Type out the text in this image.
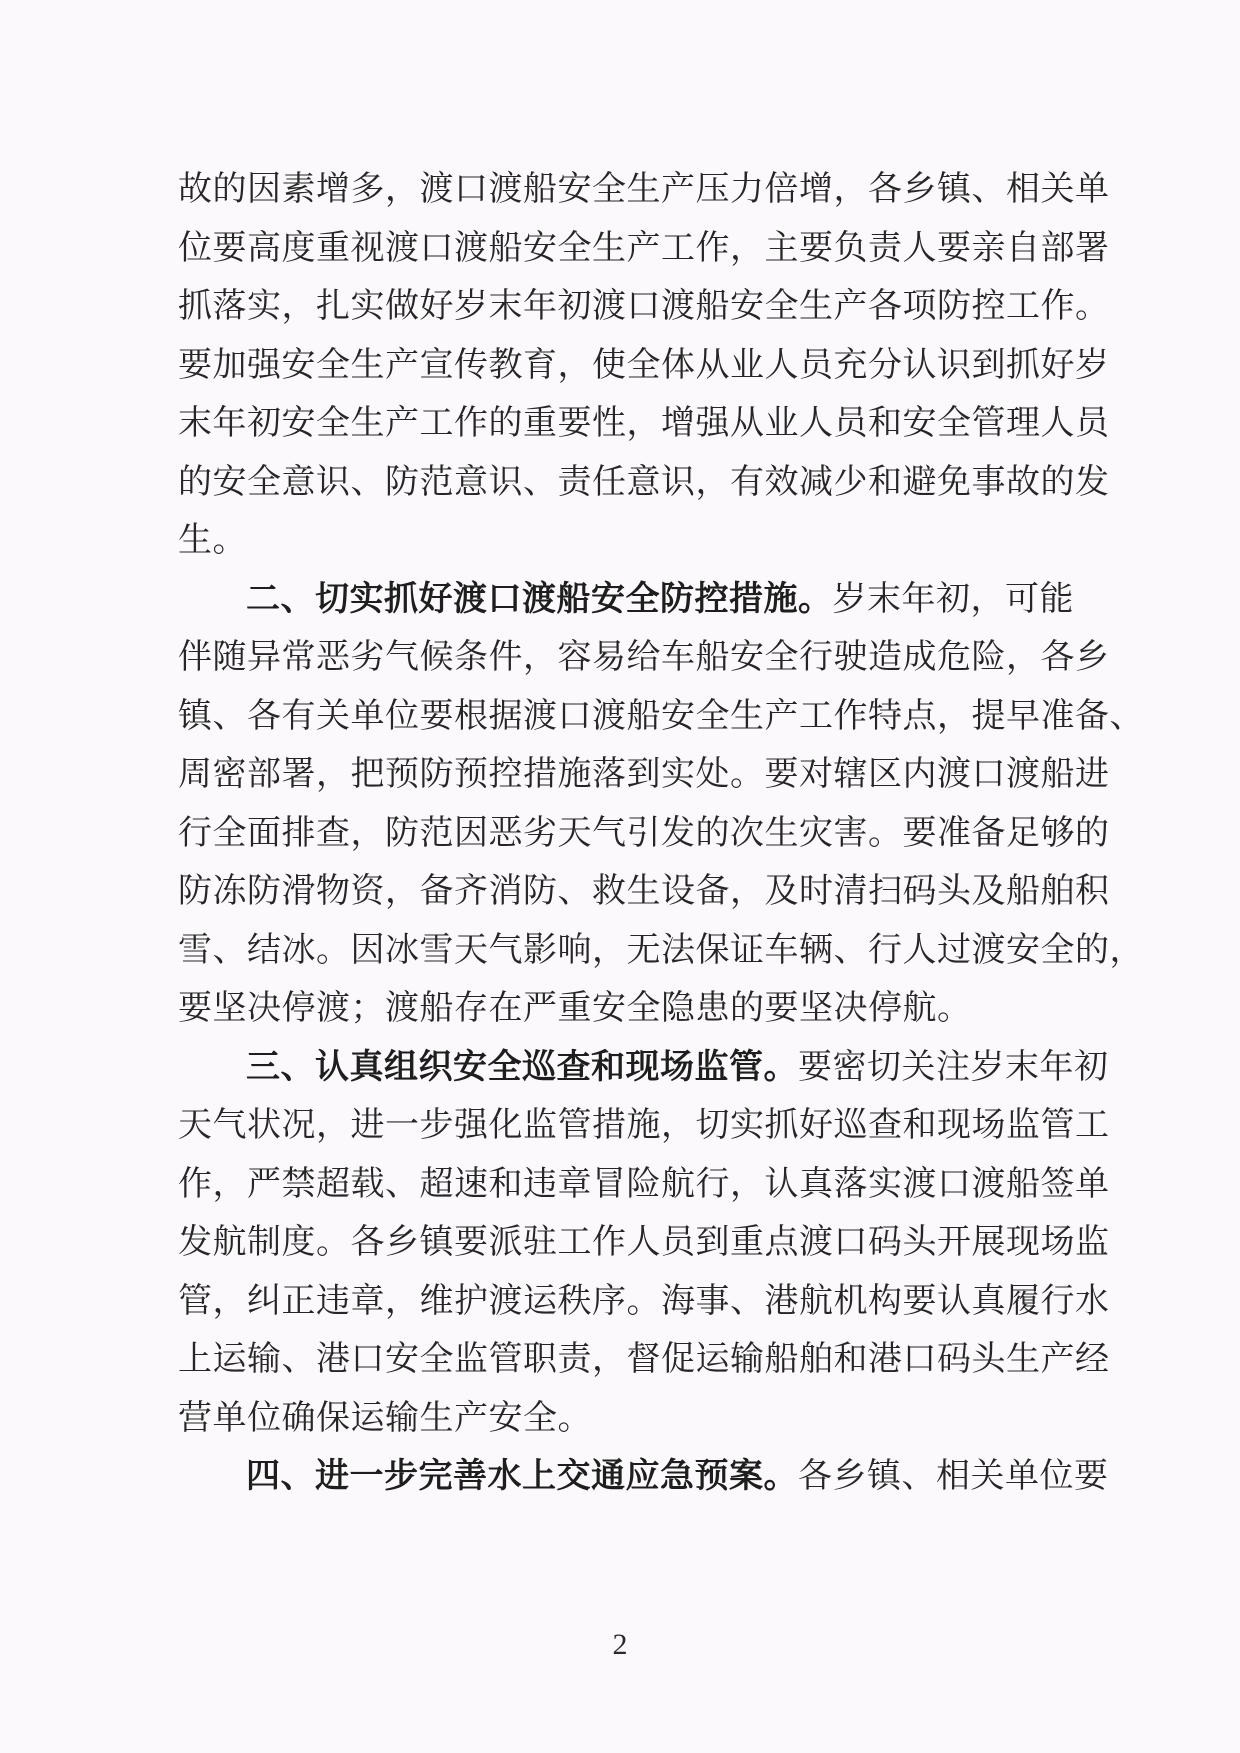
故的因素增多，渡口渡船安全生产压力倍增，各乡镇、相关单
位要高度重视渡口渡船安全生产工作，主要负责人要亲自部署
抓落实，扎实做好岁末年初渡口渡船安全生产各项防控工作。
要加强安全生产宣传教育，使全体从业人员充分认识到抓好岁
末年初安全生产工作的重要性，增强从业人员和安全管理人员
的安全意识、防范意识、责任意识，有效减少和避免事故的发
生。
二、切实抓好渡口渡船安全防控措施。岁末年初，可能
伴随异常恶劣气候条件，容易给车船安全行驶造成危险，各乡
镇、各有关单位要根据渡口渡船安全生产工作特点，提早准备、
周密部署，把预防预控措施落到实处。要对辖区内渡口渡船进
行全面排查，防范因恶劣天气引发的次生灾害。要准备足够的
防冻防滑物资，备齐消防、救生设备，及时清扫码头及船舶积
雪、结冰。因冰雪天气影响，无法保证车辆、行人过渡安全的，
要坚决停渡；渡船存在严重安全隐患的要坚决停航。
三、认真组织安全巡查和现场监管。要密切关注岁末年初
天气状况，进一步强化监管措施，切实抓好巡查和现场监管工
作，严禁超载、超速和违章冒险航行，认真落实渡口渡船签单
发航制度。各乡镇要派驻工作人员到重点渡口码头开展现场监
管，纠正违章，维护渡运秩序。海事、港航机构要认真履行水
上运输、港口安全监管职责，督促运输船舶和港口码头生产经
营单位确保运输生产安全。
四、进一步完善水上交通应急预案。各乡镇、相关单位要
2
